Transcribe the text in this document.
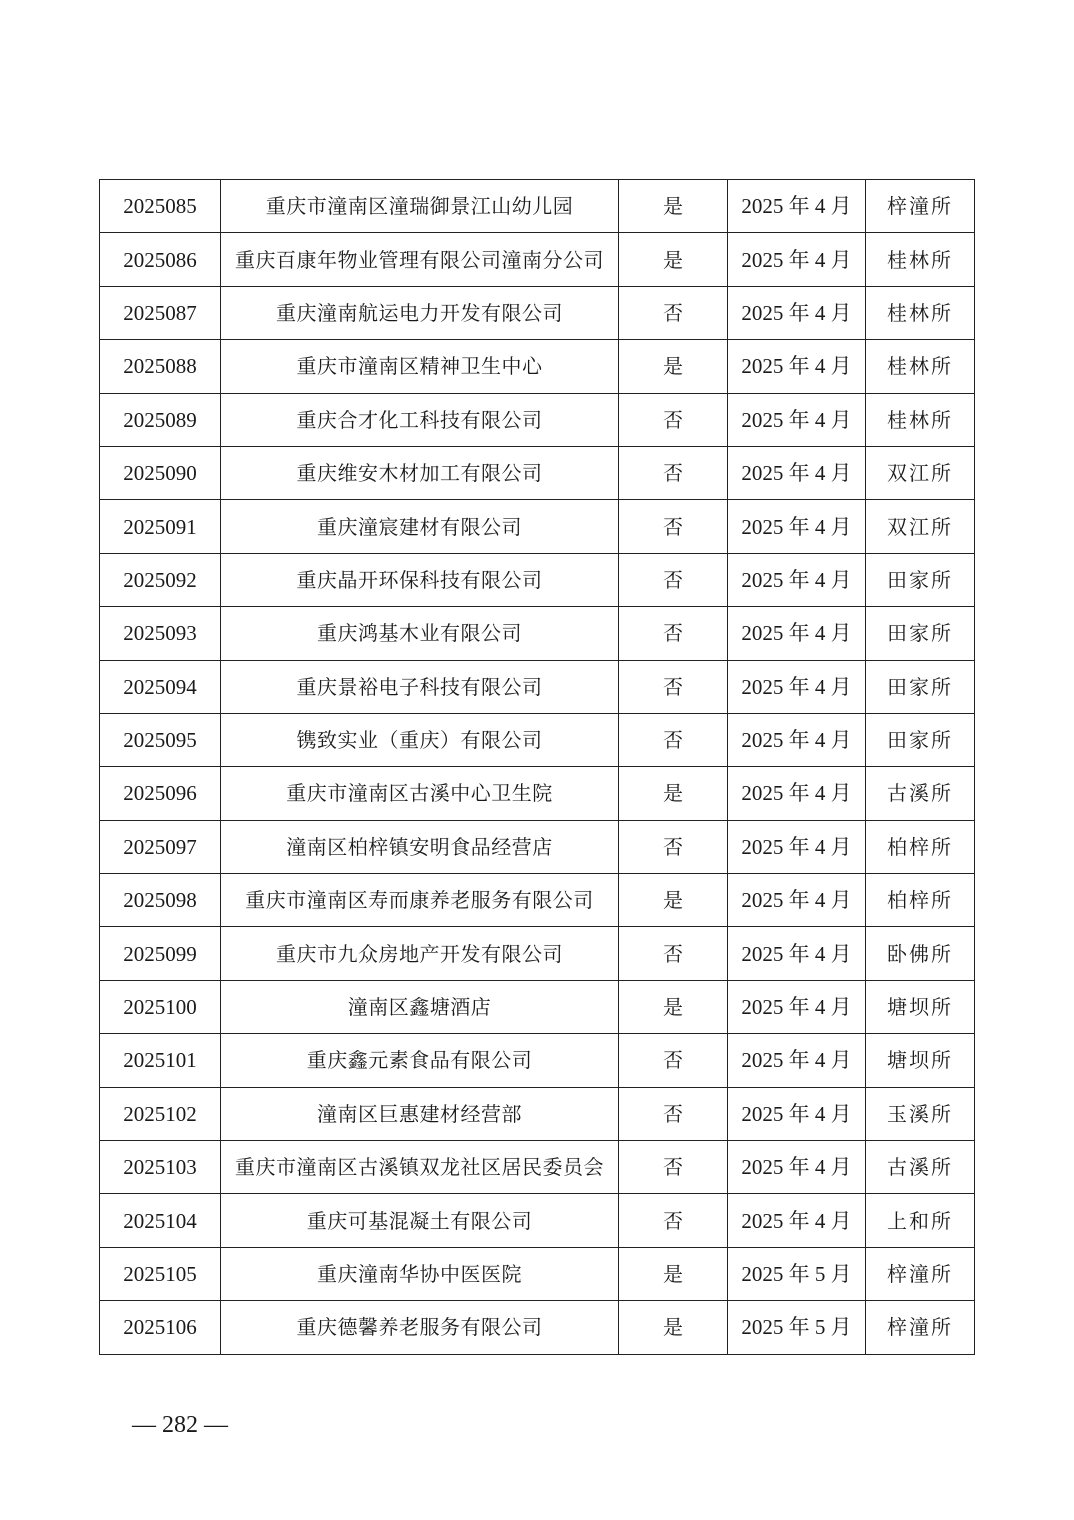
2025085	重庆市潼南区潼瑞御景江山幼儿园	是	2025 年 4 月	梓潼所
2025086	重庆百康年物业管理有限公司潼南分公司	是	2025 年 4 月	桂林所
2025087	重庆潼南航运电力开发有限公司	否	2025 年 4 月	桂林所
2025088	重庆市潼南区精神卫生中心	是	2025 年 4 月	桂林所
2025089	重庆合才化工科技有限公司	否	2025 年 4 月	桂林所
2025090	重庆维安木材加工有限公司	否	2025 年 4 月	双江所
2025091	重庆潼宸建材有限公司	否	2025 年 4 月	双江所
2025092	重庆晶开环保科技有限公司	否	2025 年 4 月	田家所
2025093	重庆鸿基木业有限公司	否	2025 年 4 月	田家所
2025094	重庆景裕电子科技有限公司	否	2025 年 4 月	田家所
2025095	镌致实业（重庆）有限公司	否	2025 年 4 月	田家所
2025096	重庆市潼南区古溪中心卫生院	是	2025 年 4 月	古溪所
2025097	潼南区柏梓镇安明食品经营店	否	2025 年 4 月	柏梓所
2025098	重庆市潼南区寿而康养老服务有限公司	是	2025 年 4 月	柏梓所
2025099	重庆市九众房地产开发有限公司	否	2025 年 4 月	卧佛所
2025100	潼南区鑫塘酒店	是	2025 年 4 月	塘坝所
2025101	重庆鑫元素食品有限公司	否	2025 年 4 月	塘坝所
2025102	潼南区巨惠建材经营部	否	2025 年 4 月	玉溪所
2025103	重庆市潼南区古溪镇双龙社区居民委员会	否	2025 年 4 月	古溪所
2025104	重庆可基混凝土有限公司	否	2025 年 4 月	上和所
2025105	重庆潼南华协中医医院	是	2025 年 5 月	梓潼所
2025106	重庆德馨养老服务有限公司	是	2025 年 5 月	梓潼所
— 282 —
